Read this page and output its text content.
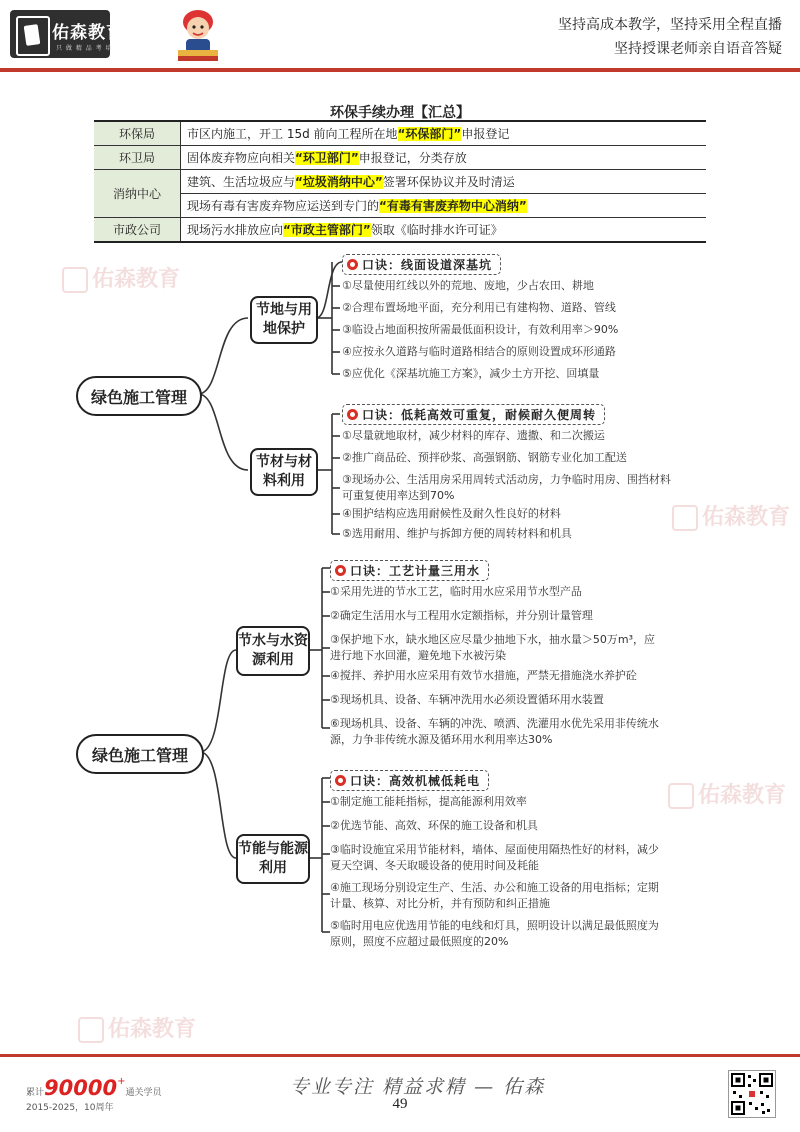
佑森教育
只 做 精 品 考 培
坚持高成本教学，坚持采用全程直播
坚持授课老师亲自语音答疑
佑森教育
佑森教育
佑森教育
佑森教育
环保手续办理【汇总】
环保局	市区内施工，开工 15d 前向工程所在地“环保部门”申报登记
环卫局	固体废弃物应向相关“环卫部门”申报登记，分类存放
消纳中心	建筑、生活垃圾应与“垃圾消纳中心”签署环保协议并及时清运
	现场有毒有害废弃物应运送到专门的“有毒有害废弃物中心消纳”
市政公司	现场污水排放应向“市政主管部门”领取《临时排水许可证》
绿色施工管理
节地与用地保护
节材与材料利用
口诀：线面设道深基坑
①尽量使用红线以外的荒地、废地，少占农田、耕地
②合理布置场地平面，充分利用已有建构物、道路、管线
③临设占地面积按所需最低面积设计，有效利用率＞90%
④应按永久道路与临时道路相结合的原则设置成环形通路
⑤应优化《深基坑施工方案》，减少土方开挖、回填量
口诀：低耗高效可重复，耐候耐久便周转
①尽量就地取材，减少材料的库存、遗撒、和二次搬运
②推广商品砼、预拌砂浆、高强钢筋、钢筋专业化加工配送
③现场办公、生活用房采用周转式活动房，力争临时用房、围挡材料可重复使用率达到70%
④围护结构应选用耐候性及耐久性良好的材料
⑤选用耐用、维护与拆卸方便的周转材料和机具
绿色施工管理
节水与水资源利用
节能与能源利用
口诀：工艺计量三用水
①采用先进的节水工艺，临时用水应采用节水型产品
②确定生活用水与工程用水定额指标，并分别计量管理
③保护地下水，缺水地区应尽量少抽地下水，抽水量＞50万m³，应进行地下水回灌，避免地下水被污染
④搅拌、养护用水应采用有效节水措施，严禁无措施浇水养护砼
⑤现场机具、设备、车辆冲洗用水必须设置循环用水装置
⑥现场机具、设备、车辆的冲洗、喷洒、洗灌用水优先采用非传统水源，力争非传统水源及循环用水利用率达30%
口诀：高效机械低耗电
①制定施工能耗指标，提高能源利用效率
②优选节能、高效、环保的施工设备和机具
③临时设施宜采用节能材料，墙体、屋面使用隔热性好的材料，减少夏天空调、冬天取暖设备的使用时间及耗能
④施工现场分别设定生产、生活、办公和施工设备的用电指标；定期计量、核算、对比分析，并有预防和纠正措施
⑤临时用电应优选用节能的电线和灯具，照明设计以满足最低照度为原则，照度不应超过最低照度的20%
累计90000+通关学员
2015-2025，10周年
专业专注 精益求精 — 佑森
49
